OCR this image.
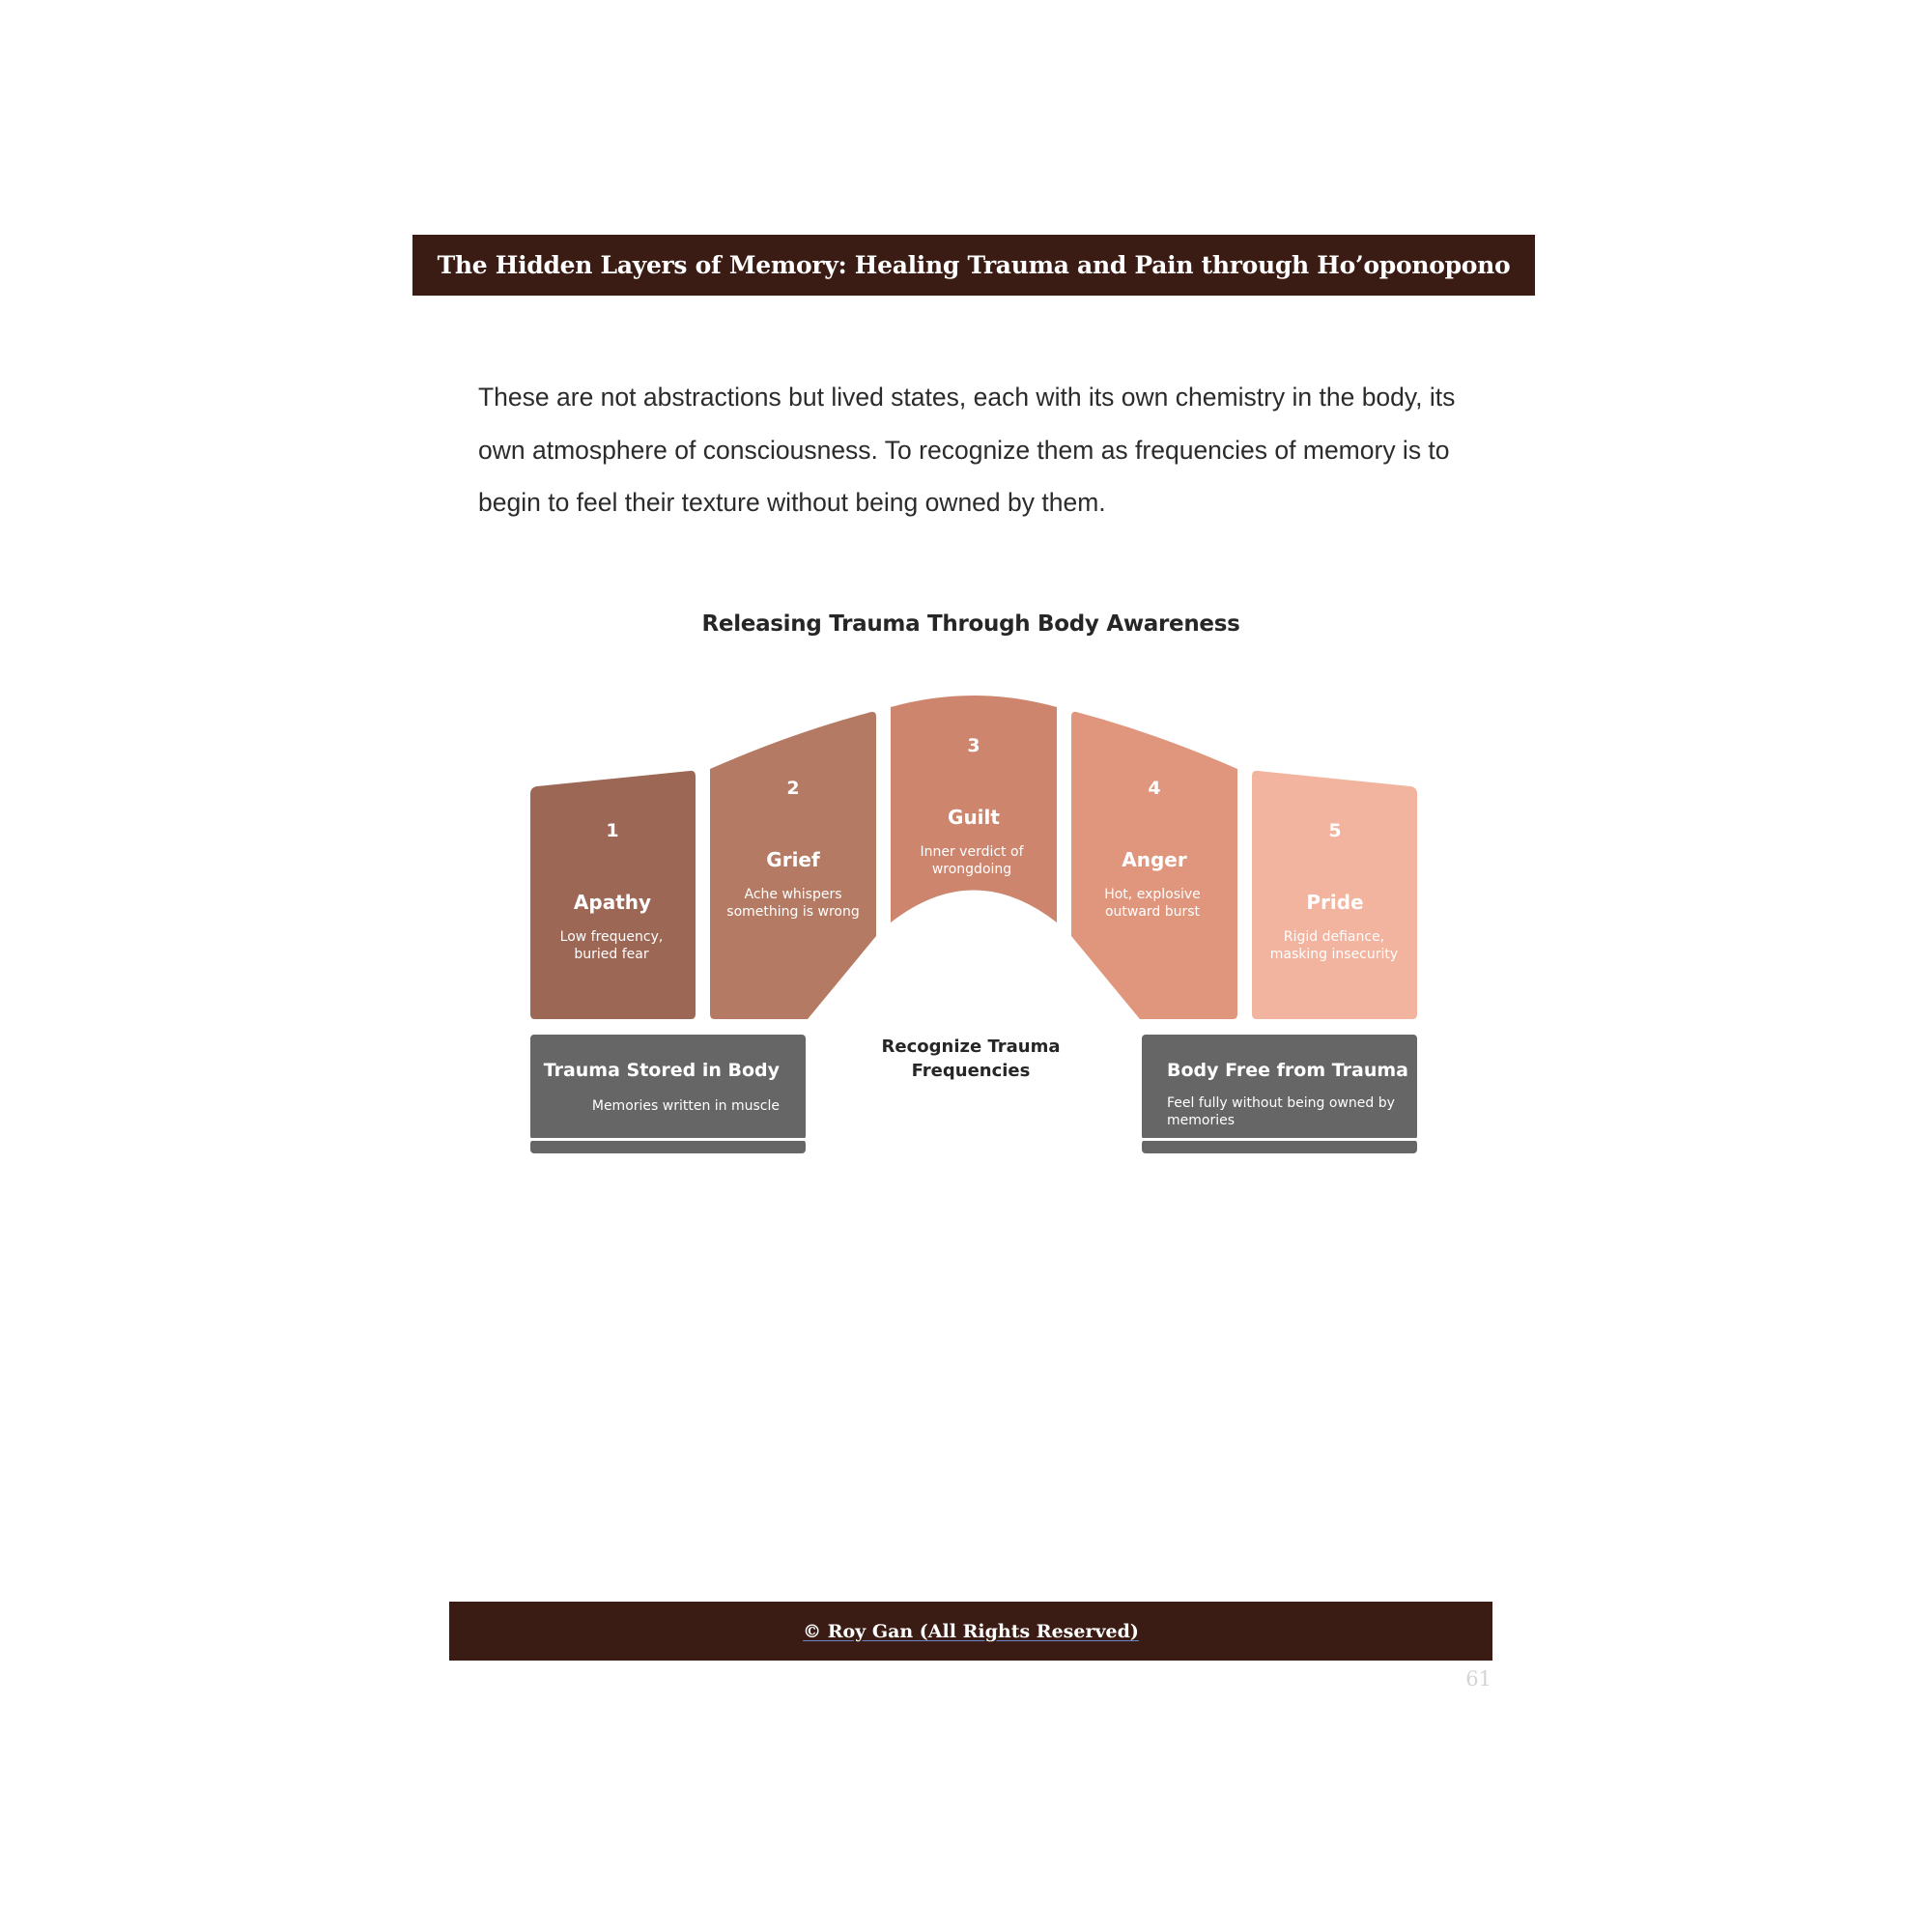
The Hidden Layers of Memory: Healing Trauma and Pain through Ho’oponopono

These are not abstractions but lived states, each with its own chemistry in the body, its own atmosphere of consciousness. To recognize them as frequencies of memory is to begin to feel their texture without being owned by them.

Releasing Trauma Through Body Awareness
1
Apathy
Low frequency,
buried fear
2
Grief
Ache whispers
something is wrong
3
Guilt
Inner verdict of
wrongdoing
4
Anger
Hot, explosive
outward burst
5
Pride
Rigid defiance,
masking insecurity
Trauma Stored in Body
Memories written in muscle
Recognize Trauma
Frequencies	Body Free from Trauma
Feel fully without being owned by
memories
© Roy Gan (All Rights Reserved)
61
